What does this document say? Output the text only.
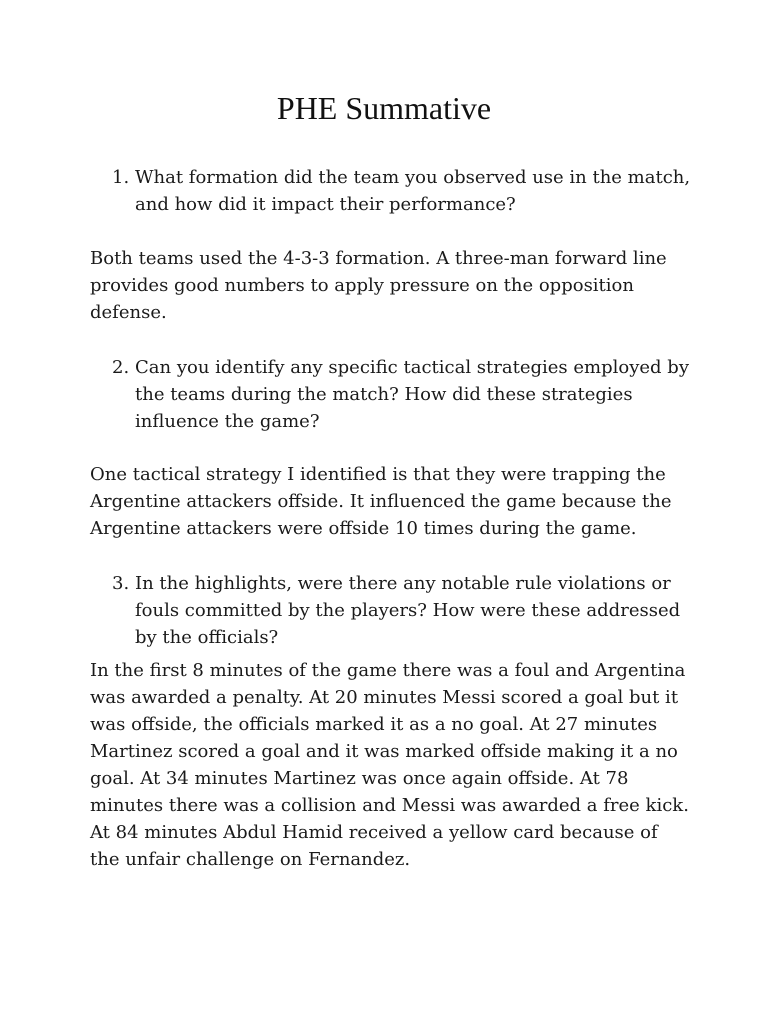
PHE Summative
1. What formation did the team you observed use in the match, and how did it impact their performance?

Both teams used the 4-3-3 formation. A three-man forward line provides good numbers to apply pressure on the opposition defense.

2. Can you identify any specific tactical strategies employed by the teams during the match? How did these strategies influence the game?

One tactical strategy I identified is that they were trapping the Argentine attackers offside. It influenced the game because the Argentine attackers were offside 10 times during the game.

3. In the highlights, were there any notable rule violations or fouls committed by the players? How were these addressed by the officials?

In the first 8 minutes of the game there was a foul and Argentina was awarded a penalty. At 20 minutes Messi scored a goal but it was offside, the officials marked it as a no goal. At 27 minutes Martinez scored a goal and it was marked offside making it a no goal. At 34 minutes Martinez was once again offside. At 78 minutes there was a collision and Messi was awarded a free kick. At 84 minutes Abdul Hamid received a yellow card because of the unfair challenge on Fernandez.
